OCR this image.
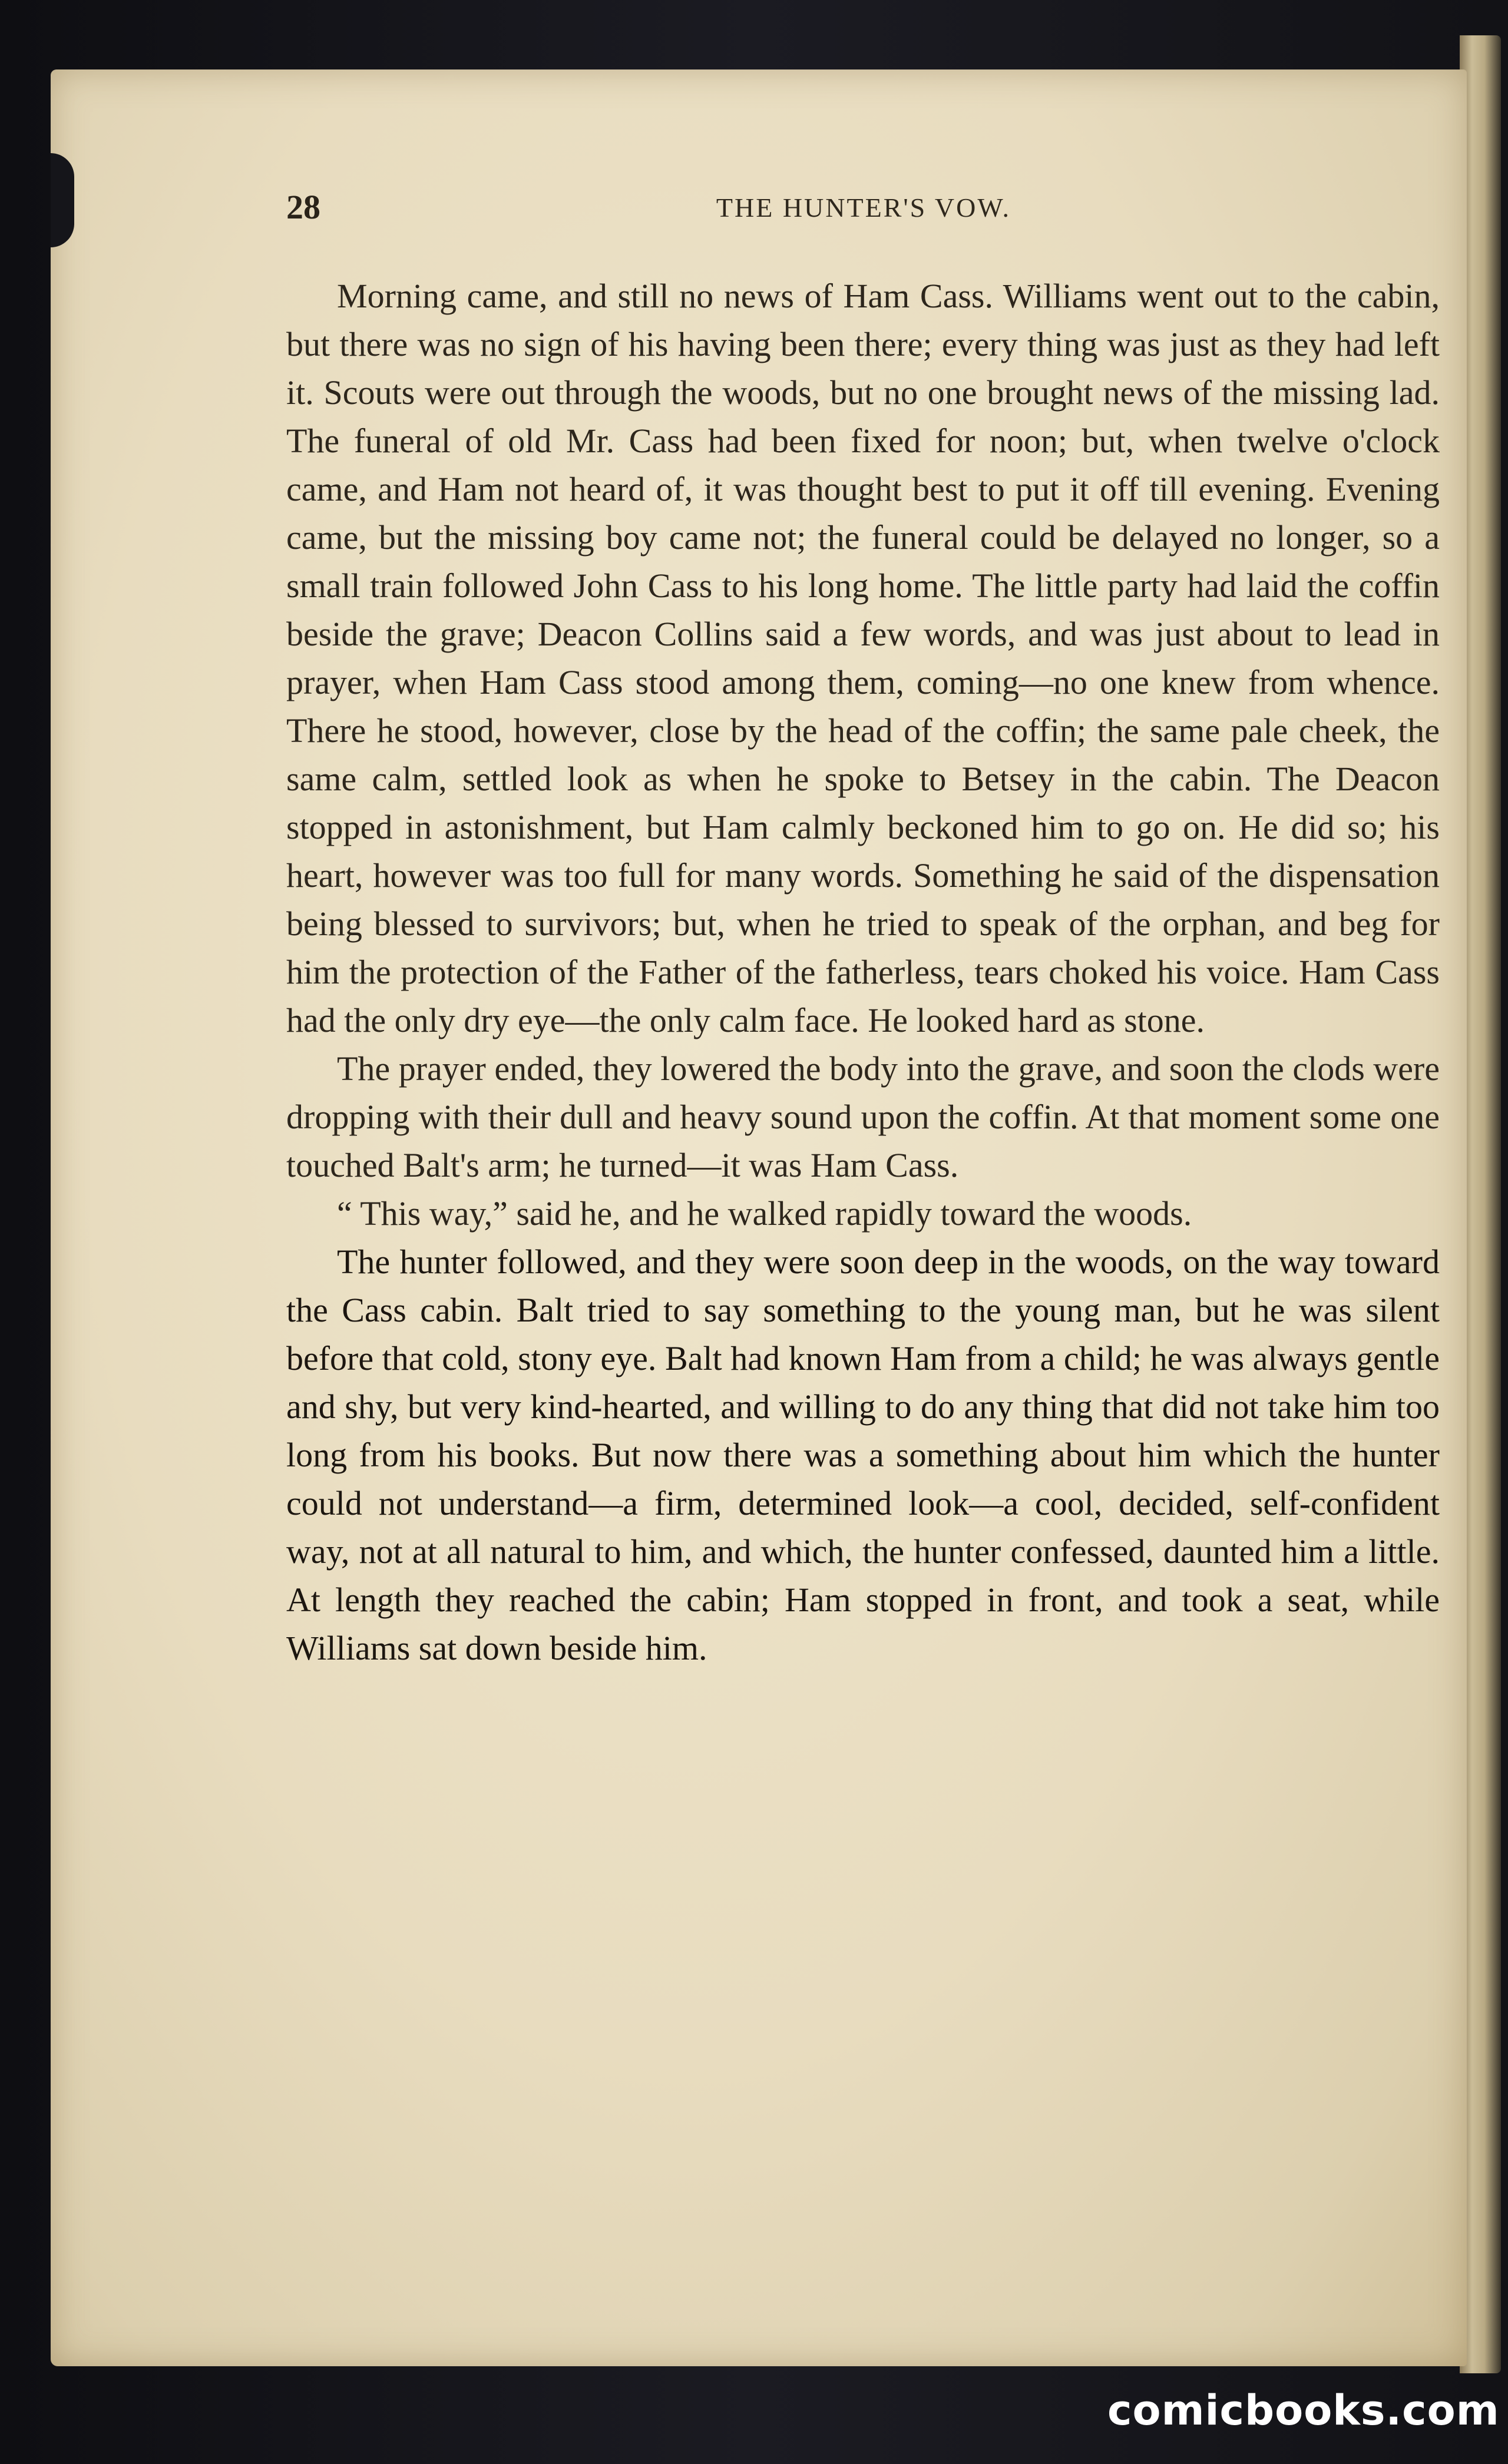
28	THE HUNTER'S VOW.

Morning came, and still no news of Ham Cass. Williams went out to the cabin, but there was no sign of his having been there; every thing was just as they had left it. Scouts were out through the woods, but no one brought news of the missing lad. The funeral of old Mr. Cass had been fixed for noon; but, when twelve o'clock came, and Ham not heard of, it was thought best to put it off till evening. Evening came, but the missing boy came not; the funeral could be delayed no longer, so a small train followed John Cass to his long home. The little party had laid the coffin beside the grave; Deacon Collins said a few words, and was just about to lead in prayer, when Ham Cass stood among them, coming—no one knew from whence. There he stood, however, close by the head of the coffin; the same pale cheek, the same calm, settled look as when he spoke to Betsey in the cabin. The Deacon stopped in astonishment, but Ham calmly beckoned him to go on. He did so; his heart, however was too full for many words. Something he said of the dispensation being blessed to survivors; but, when he tried to speak of the orphan, and beg for him the protection of the Father of the fatherless, tears choked his voice. Ham Cass had the only dry eye—the only calm face. He looked hard as stone.

The prayer ended, they lowered the body into the grave, and soon the clods were dropping with their dull and heavy sound upon the coffin. At that moment some one touched Balt's arm; he turned—it was Ham Cass.

“ This way,” said he, and he walked rapidly toward the woods.

The hunter followed, and they were soon deep in the woods, on the way toward the Cass cabin. Balt tried to say something to the young man, but he was silent before that cold, stony eye. Balt had known Ham from a child; he was always gentle and shy, but very kind-hearted, and willing to do any thing that did not take him too long from his books. But now there was a something about him which the hunter could not understand—a firm, determined look—a cool, decided, self-confident way, not at all natural to him, and which, the hunter confessed, daunted him a little. At length they reached the cabin; Ham stopped in front, and took a seat, while Williams sat down beside him.

comicbooks.com
